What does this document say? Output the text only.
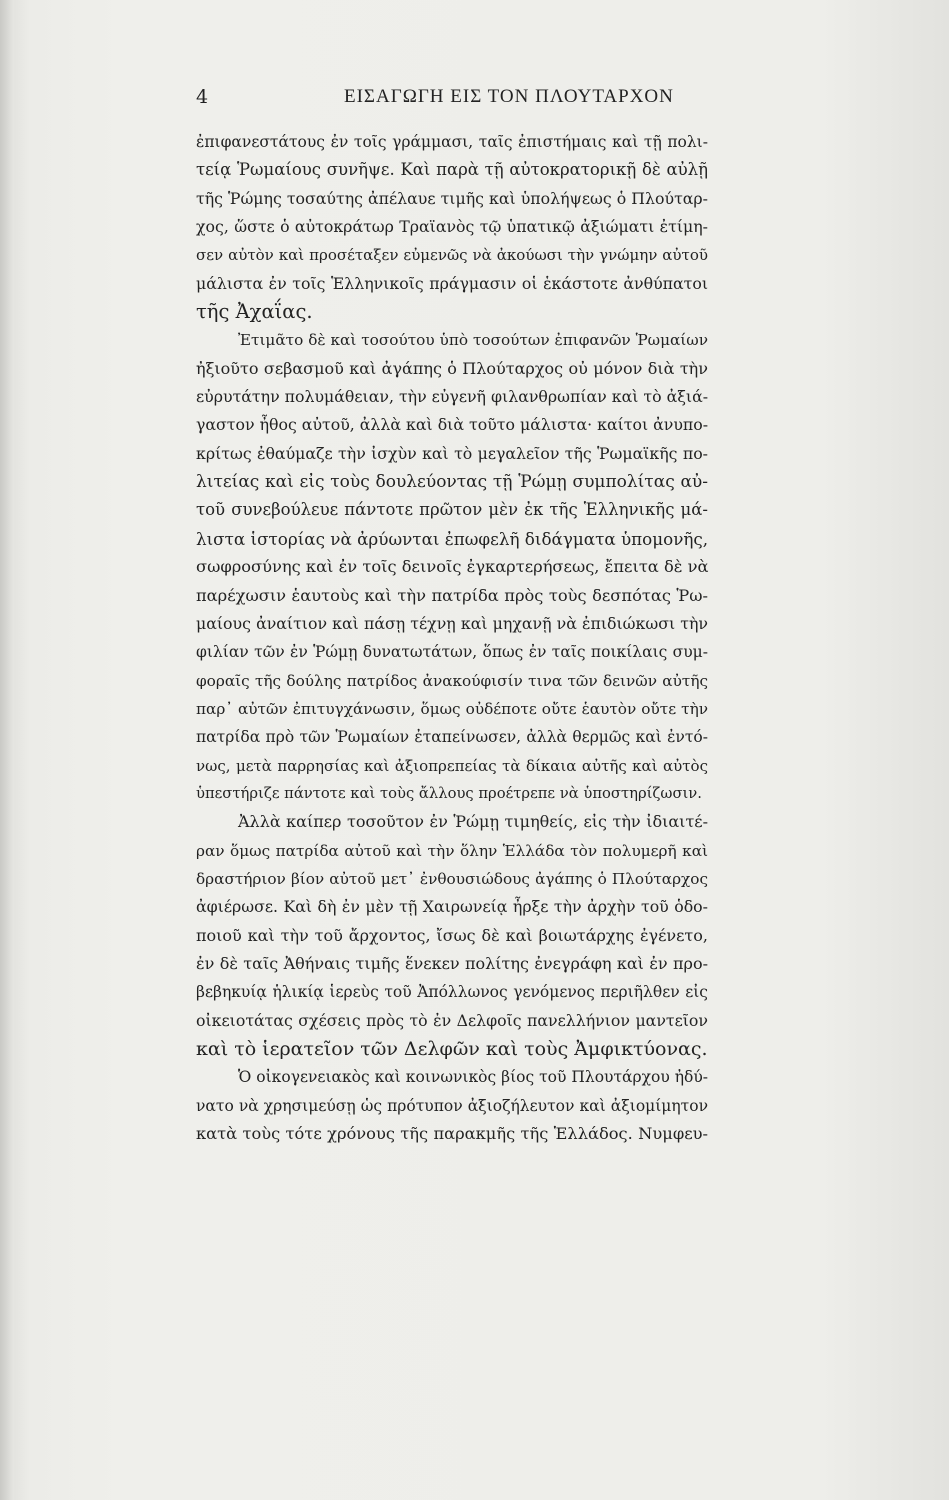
4	ΕΙΣΑΓΩΓΗ ΕΙΣ ΤΟΝ ΠΛΟΥΤΑΡΧΟΝ
ἐπιφανεστάτους ἐν τοῖς γράμμασι, ταῖς ἐπιστήμαις καὶ τῇ πολι-
τείᾳ Ῥωμαίους συνῆψε. Καὶ παρὰ τῇ αὐτοκρατορικῇ δὲ αὐλῇ
τῆς Ῥώμης τοσαύτης ἀπέλαυε τιμῆς καὶ ὑπολήψεως ὁ Πλούταρ-
χος, ὥστε ὁ αὐτοκράτωρ Τραϊανὸς τῷ ὑπατικῷ ἀξιώματι ἐτίμη-
σεν αὐτὸν καὶ προσέταξεν εὐμενῶς νὰ ἀκούωσι τὴν γνώμην αὐτοῦ
μάλιστα ἐν τοῖς Ἑλληνικοῖς πράγμασιν οἱ ἑκάστοτε ἀνθύπατοι
τῆς Ἀχαΐας.
Ἐτιμᾶτο δὲ καὶ τοσούτου ὑπὸ τοσούτων ἐπιφανῶν Ῥωμαίων
ἠξιοῦτο σεβασμοῦ καὶ ἀγάπης ὁ Πλούταρχος οὐ μόνον διὰ τὴν
εὐρυτάτην πολυμάθειαν, τὴν εὐγενῆ φιλανθρωπίαν καὶ τὸ ἀξιά-
γαστον ἦθος αὐτοῦ, ἀλλὰ καὶ διὰ τοῦτο μάλιστα· καίτοι ἀνυπο-
κρίτως ἐθαύμαζε τὴν ἰσχὺν καὶ τὸ μεγαλεῖον τῆς Ῥωμαϊκῆς πο-
λιτείας καὶ εἰς τοὺς δουλεύοντας τῇ Ῥώμῃ συμπολίτας αὐ-
τοῦ συνεβούλευε πάντοτε πρῶτον μὲν ἐκ τῆς Ἑλληνικῆς μά-
λιστα ἱστορίας νὰ ἀρύωνται ἐπωφελῆ διδάγματα ὑπομονῆς,
σωφροσύνης καὶ ἐν τοῖς δεινοῖς ἐγκαρτερήσεως, ἔπειτα δὲ νὰ
παρέχωσιν ἑαυτοὺς καὶ τὴν πατρίδα πρὸς τοὺς δεσπότας Ῥω-
μαίους ἀναίτιον καὶ πάσῃ τέχνῃ καὶ μηχανῇ νὰ ἐπιδιώκωσι τὴν
φιλίαν τῶν ἐν Ῥώμῃ δυνατωτάτων, ὅπως ἐν ταῖς ποικίλαις συμ-
φοραῖς τῆς δούλης πατρίδος ἀνακούφισίν τινα τῶν δεινῶν αὐτῆς
παρ᾽ αὐτῶν ἐπιτυγχάνωσιν, ὅμως οὐδέποτε οὔτε ἑαυτὸν οὔτε τὴν
πατρίδα πρὸ τῶν Ῥωμαίων ἐταπείνωσεν, ἀλλὰ θερμῶς καὶ ἐντό-
νως, μετὰ παρρησίας καὶ ἀξιοπρεπείας τὰ δίκαια αὐτῆς καὶ αὐτὸς
ὑπεστήριζε πάντοτε καὶ τοὺς ἄλλους προέτρεπε νὰ ὑποστηρίζωσιν.
Ἀλλὰ καίπερ τοσοῦτον ἐν Ῥώμῃ τιμηθείς, εἰς τὴν ἰδιαιτέ-
ραν ὅμως πατρίδα αὐτοῦ καὶ τὴν ὅλην Ἑλλάδα τὸν πολυμερῆ καὶ
δραστήριον βίον αὐτοῦ μετ᾽ ἐνθουσιώδους ἀγάπης ὁ Πλούταρχος
ἀφιέρωσε. Καὶ δὴ ἐν μὲν τῇ Χαιρωνείᾳ ἦρξε τὴν ἀρχὴν τοῦ ὁδο-
ποιοῦ καὶ τὴν τοῦ ἄρχοντος, ἴσως δὲ καὶ βοιωτάρχης ἐγένετο,
ἐν δὲ ταῖς Ἀθήναις τιμῆς ἕνεκεν πολίτης ἐνεγράφη καὶ ἐν προ-
βεβηκυίᾳ ἡλικίᾳ ἱερεὺς τοῦ Ἀπόλλωνος γενόμενος περιῆλθεν εἰς
οἰκειοτάτας σχέσεις πρὸς τὸ ἐν Δελφοῖς πανελλήνιον μαντεῖον
καὶ τὸ ἱερατεῖον τῶν Δελφῶν καὶ τοὺς Ἀμφικτύονας.
Ὁ οἰκογενειακὸς καὶ κοινωνικὸς βίος τοῦ Πλουτάρχου ἠδύ-
νατο νὰ χρησιμεύσῃ ὡς πρότυπον ἀξιοζήλευτον καὶ ἀξιομίμητον
κατὰ τοὺς τότε χρόνους τῆς παρακμῆς τῆς Ἑλλάδος. Νυμφευ-
